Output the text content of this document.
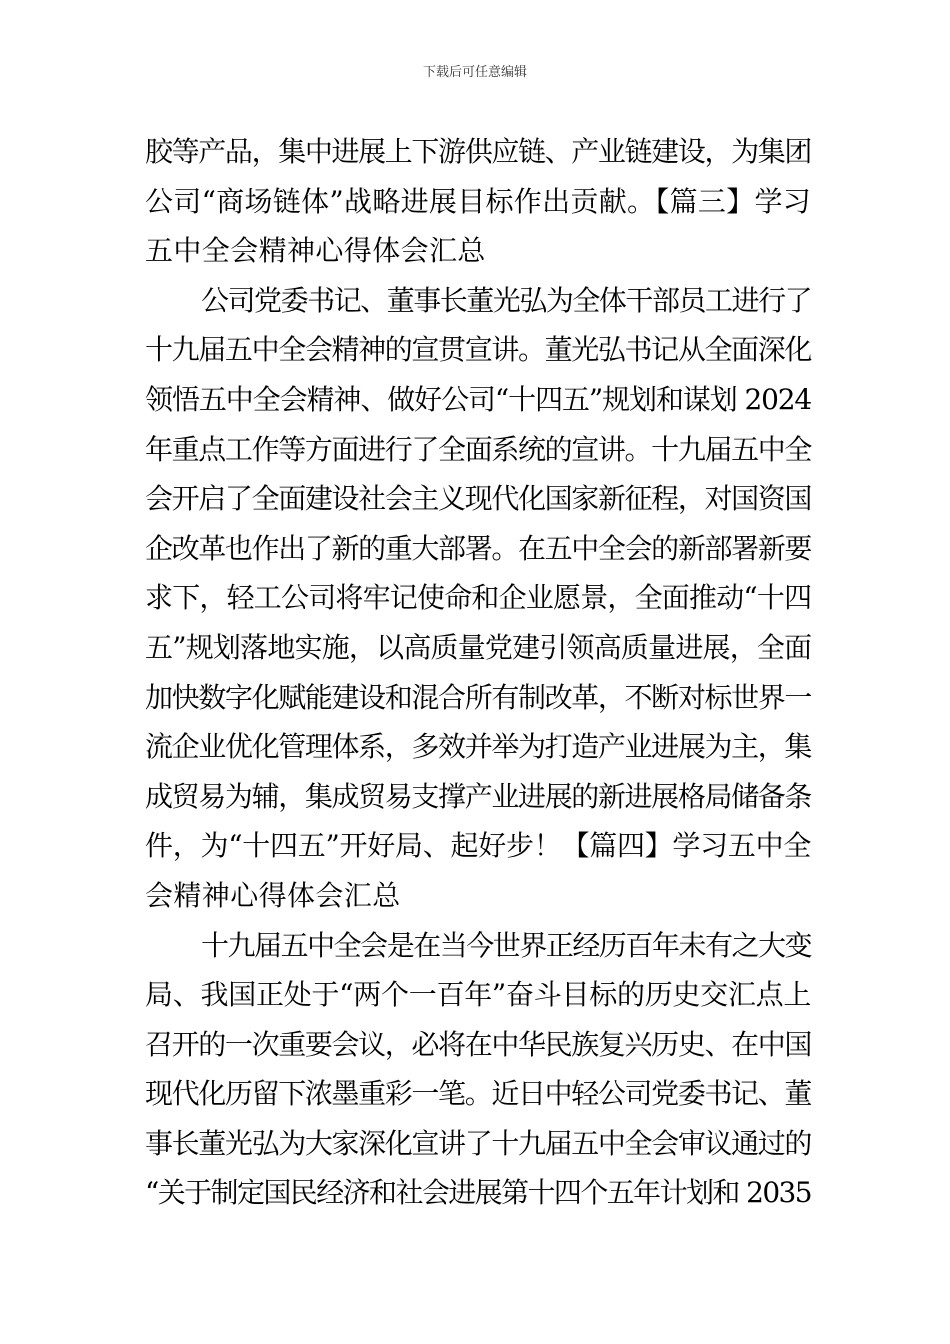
下载后可任意编辑
胶等产品，集中进展上下游供应链、产业链建设，为集团
公司“商场链体”战略进展目标作出贡献。【篇三】学习
五中全会精神心得体会汇总
公司党委书记、董事长董光弘为全体干部员工进行了
十九届五中全会精神的宣贯宣讲。董光弘书记从全面深化
领悟五中全会精神、做好公司“十四五”规划和谋划 2024
年重点工作等方面进行了全面系统的宣讲。十九届五中全
会开启了全面建设社会主义现代化国家新征程，对国资国
企改革也作出了新的重大部署。在五中全会的新部署新要
求下，轻工公司将牢记使命和企业愿景，全面推动“十四
五”规划落地实施，以高质量党建引领高质量进展，全面
加快数字化赋能建设和混合所有制改革，不断对标世界一
流企业优化管理体系，多效并举为打造产业进展为主，集
成贸易为辅，集成贸易支撑产业进展的新进展格局储备条
件，为“十四五”开好局、起好步！【篇四】学习五中全
会精神心得体会汇总
十九届五中全会是在当今世界正经历百年未有之大变
局、我国正处于“两个一百年”奋斗目标的历史交汇点上
召开的一次重要会议，必将在中华民族复兴历史、在中国
现代化历留下浓墨重彩一笔。近日中轻公司党委书记、董
事长董光弘为大家深化宣讲了十九届五中全会审议通过的
“关于制定国民经济和社会进展第十四个五年计划和 2035
